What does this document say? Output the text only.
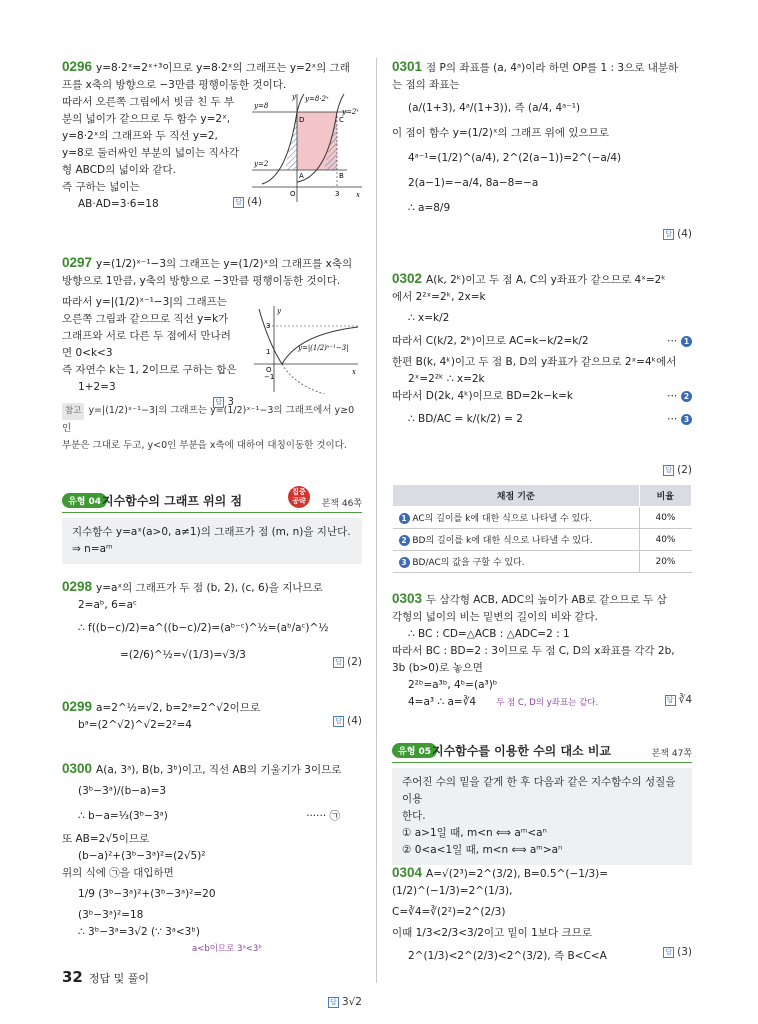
0296 y=8·2ˣ=2ˣ⁺³이므로 y=8·2ˣ의 그래프는 y=2ˣ의 그래

프를 x축의 방향으로 −3만큼 평행이동한 것이다.

따라서 오른쪽 그림에서 빗금 친 두 부

분의 넓이가 같으므로 두 함수 y=2ˣ,

y=8·2ˣ의 그래프와 두 직선 y=2,

y=8로 둘러싸인 부분의 넓이는 직사각

형 ABCD의 넓이와 같다.

즉 구하는 넓이는

AB·AD=3·6=18	답 (4)
y=8·2ˣ
y=2ˣ
y=8
y=2
y
x
O	3
A	B
C
D

0297 y=(1/2)ˣ⁻¹−3의 그래프는 y=(1/2)ˣ의 그래프를 x축의

방향으로 1만큼, y축의 방향으로 −3만큼 평행이동한 것이다.

따라서 y=|(1/2)ˣ⁻¹−3|의 그래프는

오른쪽 그림과 같으므로 직선 y=k가

그래프와 서로 다른 두 점에서 만나려

면 0<k<3

즉 자연수 k는 1, 2이므로 구하는 합은

1+2=3

답 3

참고 y=|(1/2)ˣ⁻¹−3|의 그래프는 y=(1/2)ˣ⁻¹−3의 그래프에서 y≥0인

부분은 그대로 두고, y<0인 부분을 x축에 대하여 대칭이동한 것이다.

y=|(1/2)ˣ⁻¹−3|
3
1
−1
O	x
y
유형 04 지수함수의 그래프 위의 점
집중 공략	본책 46쪽

지수함수 y=aˣ(a>0, a≠1)의 그래프가 점 (m, n)을 지난다.

⇒ n=aᵐ

0298 y=aˣ의 그래프가 두 점 (b, 2), (c, 6)을 지나므로

2=aᵇ, 6=aᶜ

∴ f((b−c)/2)=a^((b−c)/2)=(aᵇ⁻ᶜ)^½=(aᵇ/aᶜ)^½

=(2/6)^½=√(1/3)=√3/3

답 (2)

0299 a=2^½=√2, b=2ᵃ=2^√2이므로

bᵃ=(2^√2)^√2=2²=4	답 (4)

0300 A(a, 3ᵃ), B(b, 3ᵇ)이고, 직선 AB의 기울기가 3이므로

(3ᵇ−3ᵃ)/(b−a)=3

∴ b−a=⅓(3ᵇ−3ᵃ)	······ ㉠

또 AB=2√5이므로

(b−a)²+(3ᵇ−3ᵃ)²=(2√5)²

위의 식에 ㉠을 대입하면

1/9 (3ᵇ−3ᵃ)²+(3ᵇ−3ᵃ)²=20

(3ᵇ−3ᵃ)²=18

∴ 3ᵇ−3ᵃ=3√2 (∵ 3ᵃ<3ᵇ)

a<b이므로 3ᵃ<3ᵇ

답 3√2

0301 점 P의 좌표를 (a, 4ᵃ)이라 하면 OP를 1 : 3으로 내분하

는 점의 좌표는

(a/(1+3), 4ᵃ/(1+3)), 즉 (a/4, 4ᵃ⁻¹)

이 점이 함수 y=(1/2)ˣ의 그래프 위에 있으므로

4ᵃ⁻¹=(1/2)^(a/4), 2^(2(a−1))=2^(−a/4)

2(a−1)=−a/4, 8a−8=−a

∴ a=8/9

답 (4)

0302 A(k, 2ᵏ)이고 두 점 A, C의 y좌표가 같으므로 4ˣ=2ᵏ

에서 2²ˣ=2ᵏ, 2x=k

∴ x=k/2

따라서 C(k/2, 2ᵏ)이므로 AC=k−k/2=k/2	⋯ 1

한편 B(k, 4ᵏ)이고 두 점 B, D의 y좌표가 같으므로 2ˣ=4ᵏ에서

2ˣ=2²ᵏ ∴ x=2k

따라서 D(2k, 4ᵏ)이므로 BD=2k−k=k	⋯ 2

∴ BD/AC = k/(k/2) = 2	⋯ 3

답 (2)
채점 기준	비율
1 AC의 길이를 k에 대한 식으로 나타낼 수 있다.	40%
2 BD의 길이를 k에 대한 식으로 나타낼 수 있다.	40%
3 BD/AC의 값을 구할 수 있다.	20%

0303 두 삼각형 ACB, ADC의 높이가 AB로 같으므로 두 삼

각형의 넓이의 비는 밑변의 길이의 비와 같다.

∴ BC : CD=△ACB : △ADC=2 : 1

따라서 BC : BD=2 : 3이므로 두 점 C, D의 x좌표를 각각 2b,

3b (b>0)로 놓으면

2²ᵇ=a³ᵇ, 4ᵇ=(a³)ᵇ

4=a³ ∴ a=∛4 두 점 C, D의 y좌표는 같다.	답 ∛4
유형 05 지수함수를 이용한 수의 대소 비교	본책 47쪽

주어진 수의 밑을 같게 한 후 다음과 같은 지수함수의 성질을 이용

한다.

① a>1일 때, m<n ⟺ aᵐ<aⁿ

② 0<a<1일 때, m<n ⟺ aᵐ>aⁿ

0304 A=√(2³)=2^(3/2), B=0.5^(−1/3)=(1/2)^(−1/3)=2^(1/3),

C=∛4=∛(2²)=2^(2/3)

이때 1/3<2/3<3/2이고 밑이 1보다 크므로

2^(1/3)<2^(2/3)<2^(3/2), 즉 B<C<A	답 (3)
32 정답 및 풀이
